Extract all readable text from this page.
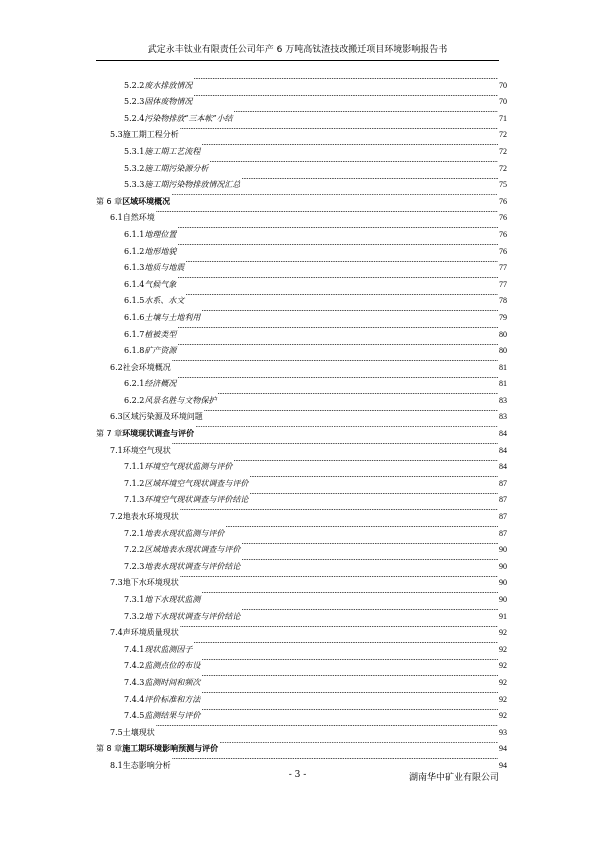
武定永丰钛业有限责任公司年产 6 万吨高钛渣技改搬迁项目环境影响报告书
5.2.2 废水排放情况 ·····	70
5.2.3 固体废物情况 ·····	70
5.2.4 污染物排放“三本帐”小结 ·····	71
5.3 施工期工程分析 ·····	72
5.3.1 施工期工艺流程 ·····	72
5.3.2 施工期污染源分析 ·····	72
5.3.3 施工期污染物排放情况汇总 ·····	75
第 6 章 区域环境概况 ·····	76
6.1 自然环境 ·····	76
6.1.1 地理位置 ·····	76
6.1.2 地形地貌 ·····	76
6.1.3 地质与地震 ·····	77
6.1.4 气候气象 ·····	77
6.1.5 水系、水文 ·····	78
6.1.6 土壤与土地利用 ·····	79
6.1.7 植被类型 ·····	80
6.1.8 矿产资源 ·····	80
6.2 社会环境概况 ·····	81
6.2.1 经济概况 ·····	81
6.2.2 风景名胜与文物保护 ·····	83
6.3 区域污染源及环境问题 ·····	83
第 7 章 环境现状调查与评价 ·····	84
7.1 环境空气现状 ·····	84
7.1.1 环境空气现状监测与评价 ·····	84
7.1.2 区域环境空气现状调查与评价 ·····	87
7.1.3 环境空气现状调查与评价结论 ·····	87
7.2 地表水环境现状 ·····	87
7.2.1 地表水现状监测与评价 ·····	87
7.2.2 区域地表水现状调查与评价 ·····	90
7.2.3 地表水现状调查与评价结论 ·····	90
7.3 地下水环境现状 ·····	90
7.3.1 地下水现状监测 ·····	90
7.3.2 地下水现状调查与评价结论 ·····	91
7.4 声环境质量现状 ·····	92
7.4.1 现状监测因子 ·····	92
7.4.2 监测点位的布设 ·····	92
7.4.3 监测时间和频次 ·····	92
7.4.4 评价标准和方法 ·····	92
7.4.5 监测结果与评价 ·····	92
7.5 土壤现状 ·····	93
第 8 章 施工期环境影响预测与评价 ·····	94
8.1 生态影响分析 ·····	94
- 3 -	湖南华中矿业有限公司
